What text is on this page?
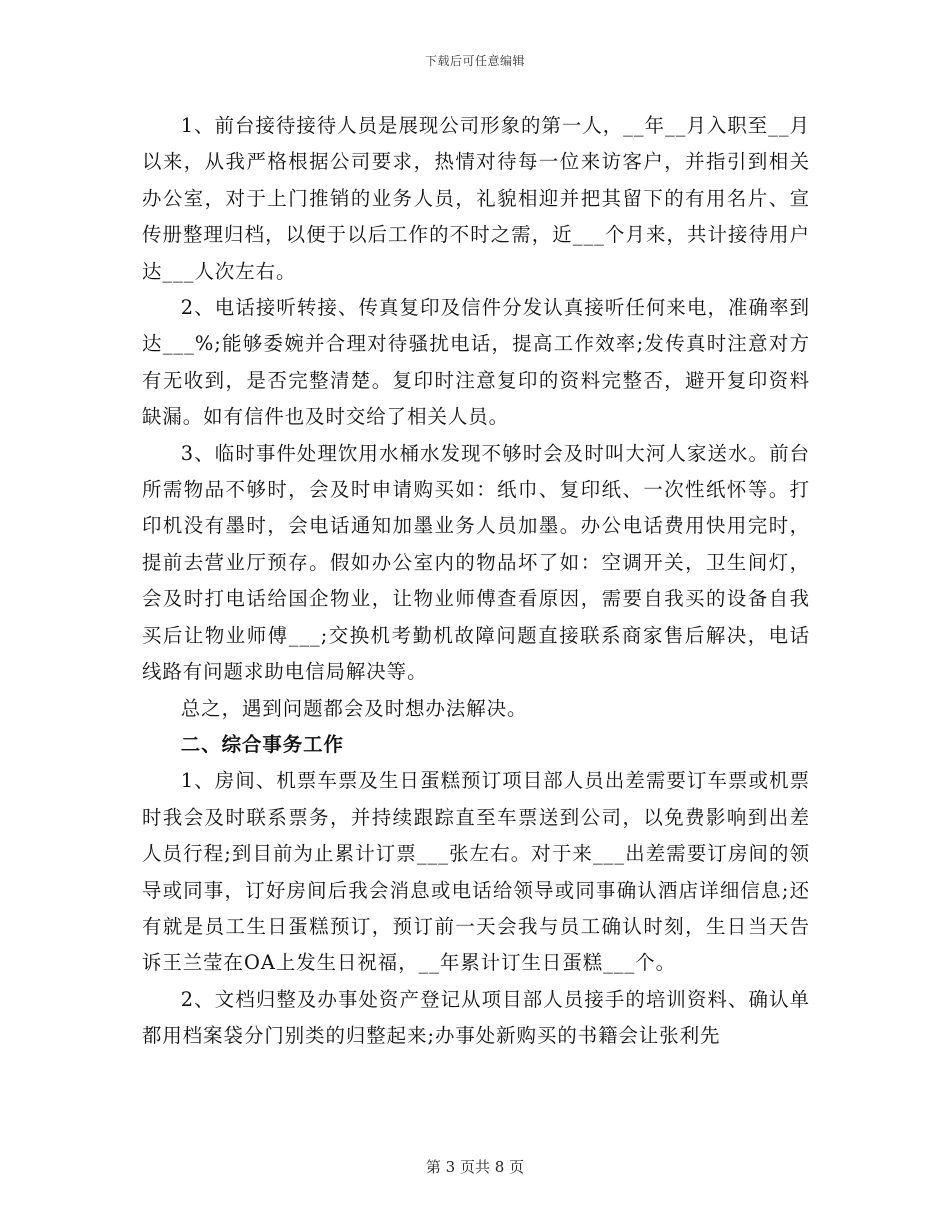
下载后可任意编辑

1、前台接待接待人员是展现公司形象的第一人，__年__月入职至__月以来，从我严格根据公司要求，热情对待每一位来访客户，并指引到相关办公室，对于上门推销的业务人员，礼貌相迎并把其留下的有用名片、宣传册整理归档，以便于以后工作的不时之需，近___个月来，共计接待用户达___人次左右。

2、电话接听转接、传真复印及信件分发认真接听任何来电，准确率到达___%;能够委婉并合理对待骚扰电话，提高工作效率;发传真时注意对方有无收到，是否完整清楚。复印时注意复印的资料完整否，避开复印资料缺漏。如有信件也及时交给了相关人员。

3、临时事件处理饮用水桶水发现不够时会及时叫大河人家送水。前台所需物品不够时，会及时申请购买如：纸巾、复印纸、一次性纸怀等。打印机没有墨时，会电话通知加墨业务人员加墨。办公电话费用快用完时，提前去营业厅预存。假如办公室内的物品坏了如：空调开关，卫生间灯，会及时打电话给国企物业，让物业师傅查看原因，需要自我买的设备自我买后让物业师傅___;交换机考勤机故障问题直接联系商家售后解决，电话线路有问题求助电信局解决等。

总之，遇到问题都会及时想办法解决。

二、综合事务工作

1、房间、机票车票及生日蛋糕预订项目部人员出差需要订车票或机票时我会及时联系票务，并持续跟踪直至车票送到公司，以免费影响到出差人员行程;到目前为止累计订票___张左右。对于来___出差需要订房间的领导或同事，订好房间后我会消息或电话给领导或同事确认酒店详细信息;还有就是员工生日蛋糕预订，预订前一天会我与员工确认时刻，生日当天告诉王兰莹在OA上发生日祝福，__年累计订生日蛋糕___个。

2、文档归整及办事处资产登记从项目部人员接手的培训资料、确认单都用档案袋分门别类的归整起来;办事处新购买的书籍会让张利先

第 3 页共 8 页
